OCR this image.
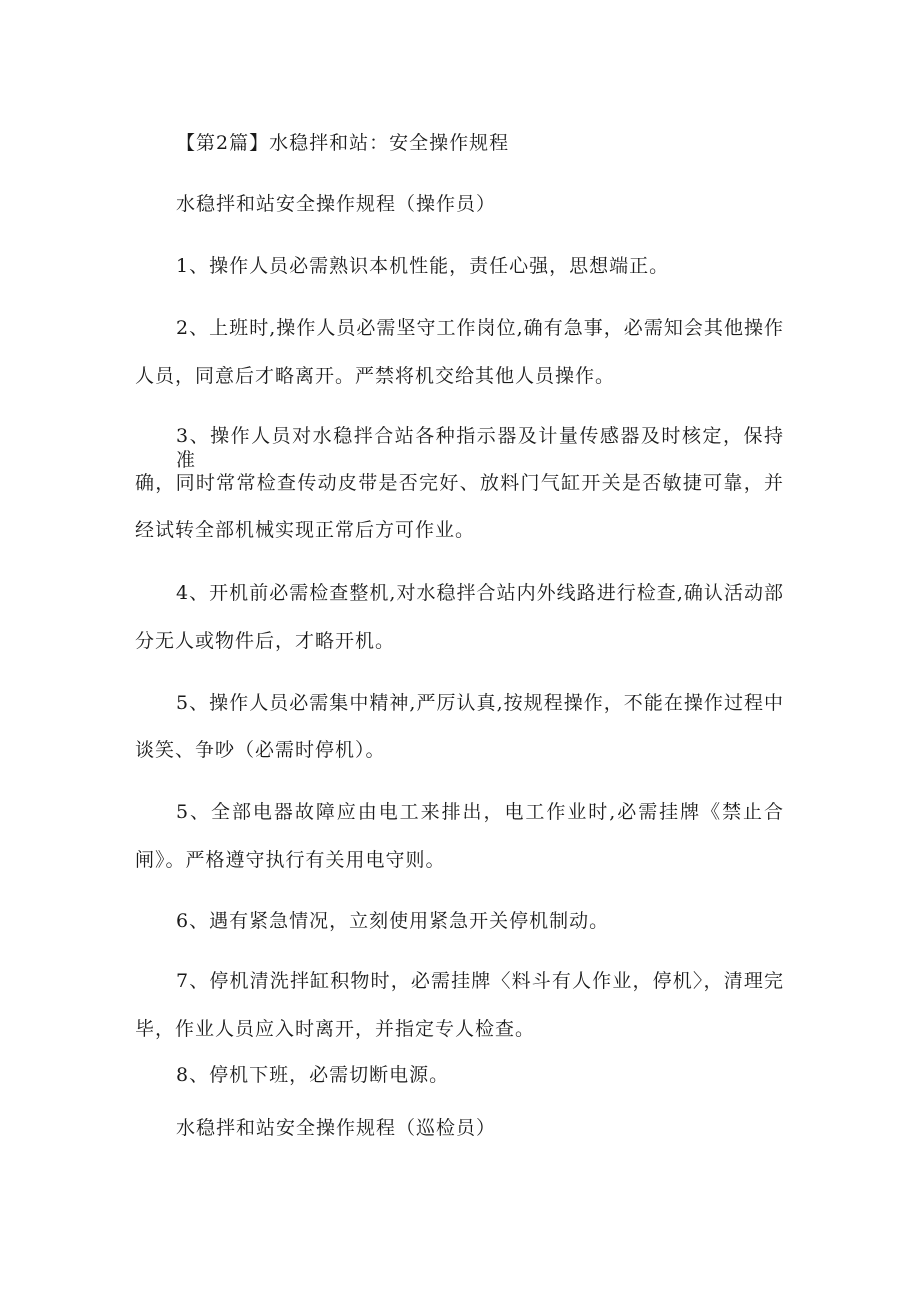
【第2篇】水稳拌和站：安全操作规程
水稳拌和站安全操作规程（操作员）
1、操作人员必需熟识本机性能，责任心强，思想端正。
2、上班时,操作人员必需坚守工作岗位,确有急事，必需知会其他操作
人员，同意后才略离开。严禁将机交给其他人员操作。
3、操作人员对水稳拌合站各种指示器及计量传感器及时核定，保持准
确，同时常常检查传动皮带是否完好、放料门气缸开关是否敏捷可靠，并
经试转全部机械实现正常后方可作业。
4、开机前必需检查整机,对水稳拌合站内外线路进行检查,确认活动部
分无人或物件后，才略开机。
5、操作人员必需集中精神,严厉认真,按规程操作，不能在操作过程中
谈笑、争吵（必需时停机）。
5、全部电器故障应由电工来排出，电工作业时,必需挂牌《禁止合
闸》。严格遵守执行有关用电守则。
6、遇有紧急情况，立刻使用紧急开关停机制动。
7、停机清洗拌缸积物时，必需挂牌〈料斗有人作业，停机〉，清理完
毕，作业人员应入时离开，并指定专人检查。
8、停机下班，必需切断电源。
水稳拌和站安全操作规程（巡检员）
